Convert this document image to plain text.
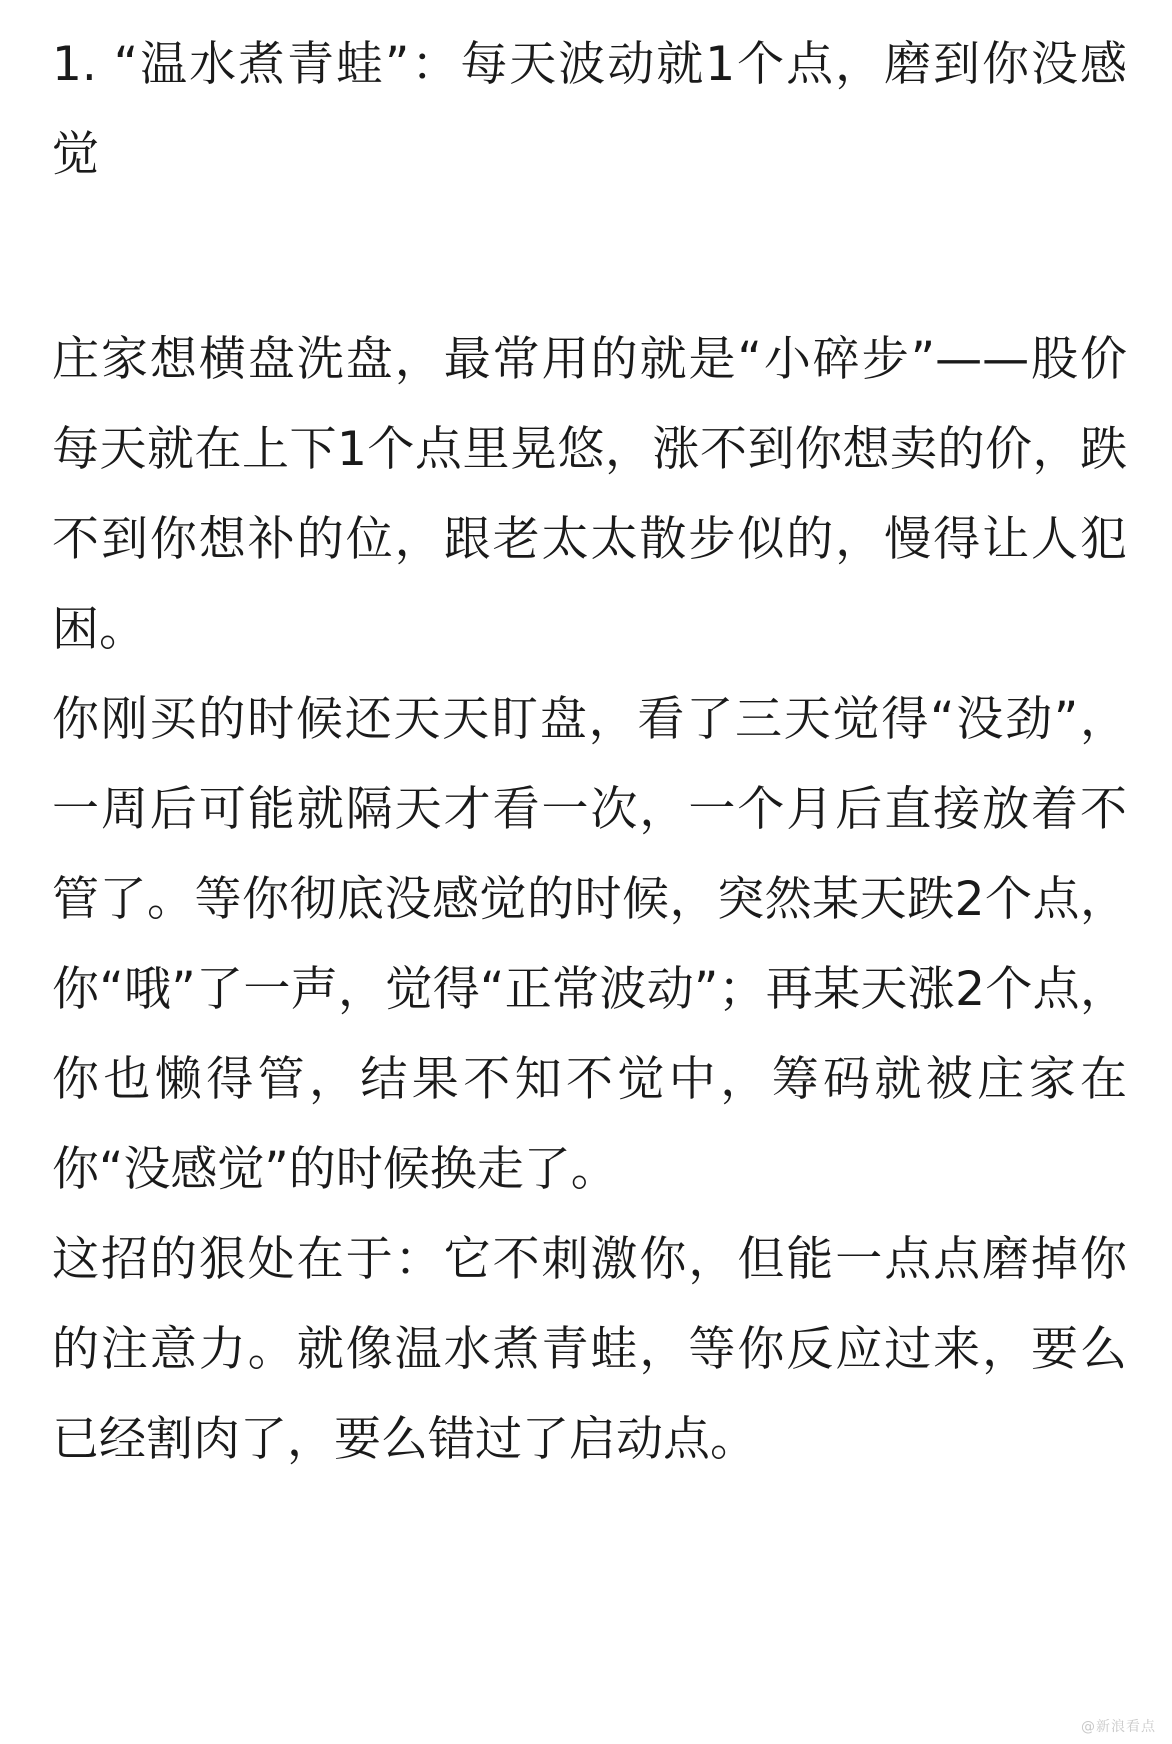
1. “温水煮青蛙”：每天波动就1个点，磨到你没感觉

庄家想横盘洗盘，最常用的就是“小碎步”——股价每天就在上下1个点里晃悠，涨不到你想卖的价，跌不到你想补的位，跟老太太散步似的，慢得让人犯困。

你刚买的时候还天天盯盘，看了三天觉得“没劲”，一周后可能就隔天才看一次，一个月后直接放着不管了。等你彻底没感觉的时候，突然某天跌2个点，你“哦”了一声，觉得“正常波动”；再某天涨2个点，你也懒得管，结果不知不觉中，筹码就被庄家在你“没感觉”的时候换走了。

这招的狠处在于：它不刺激你，但能一点点磨掉你的注意力。就像温水煮青蛙，等你反应过来，要么已经割肉了，要么错过了启动点。

@新浪看点
